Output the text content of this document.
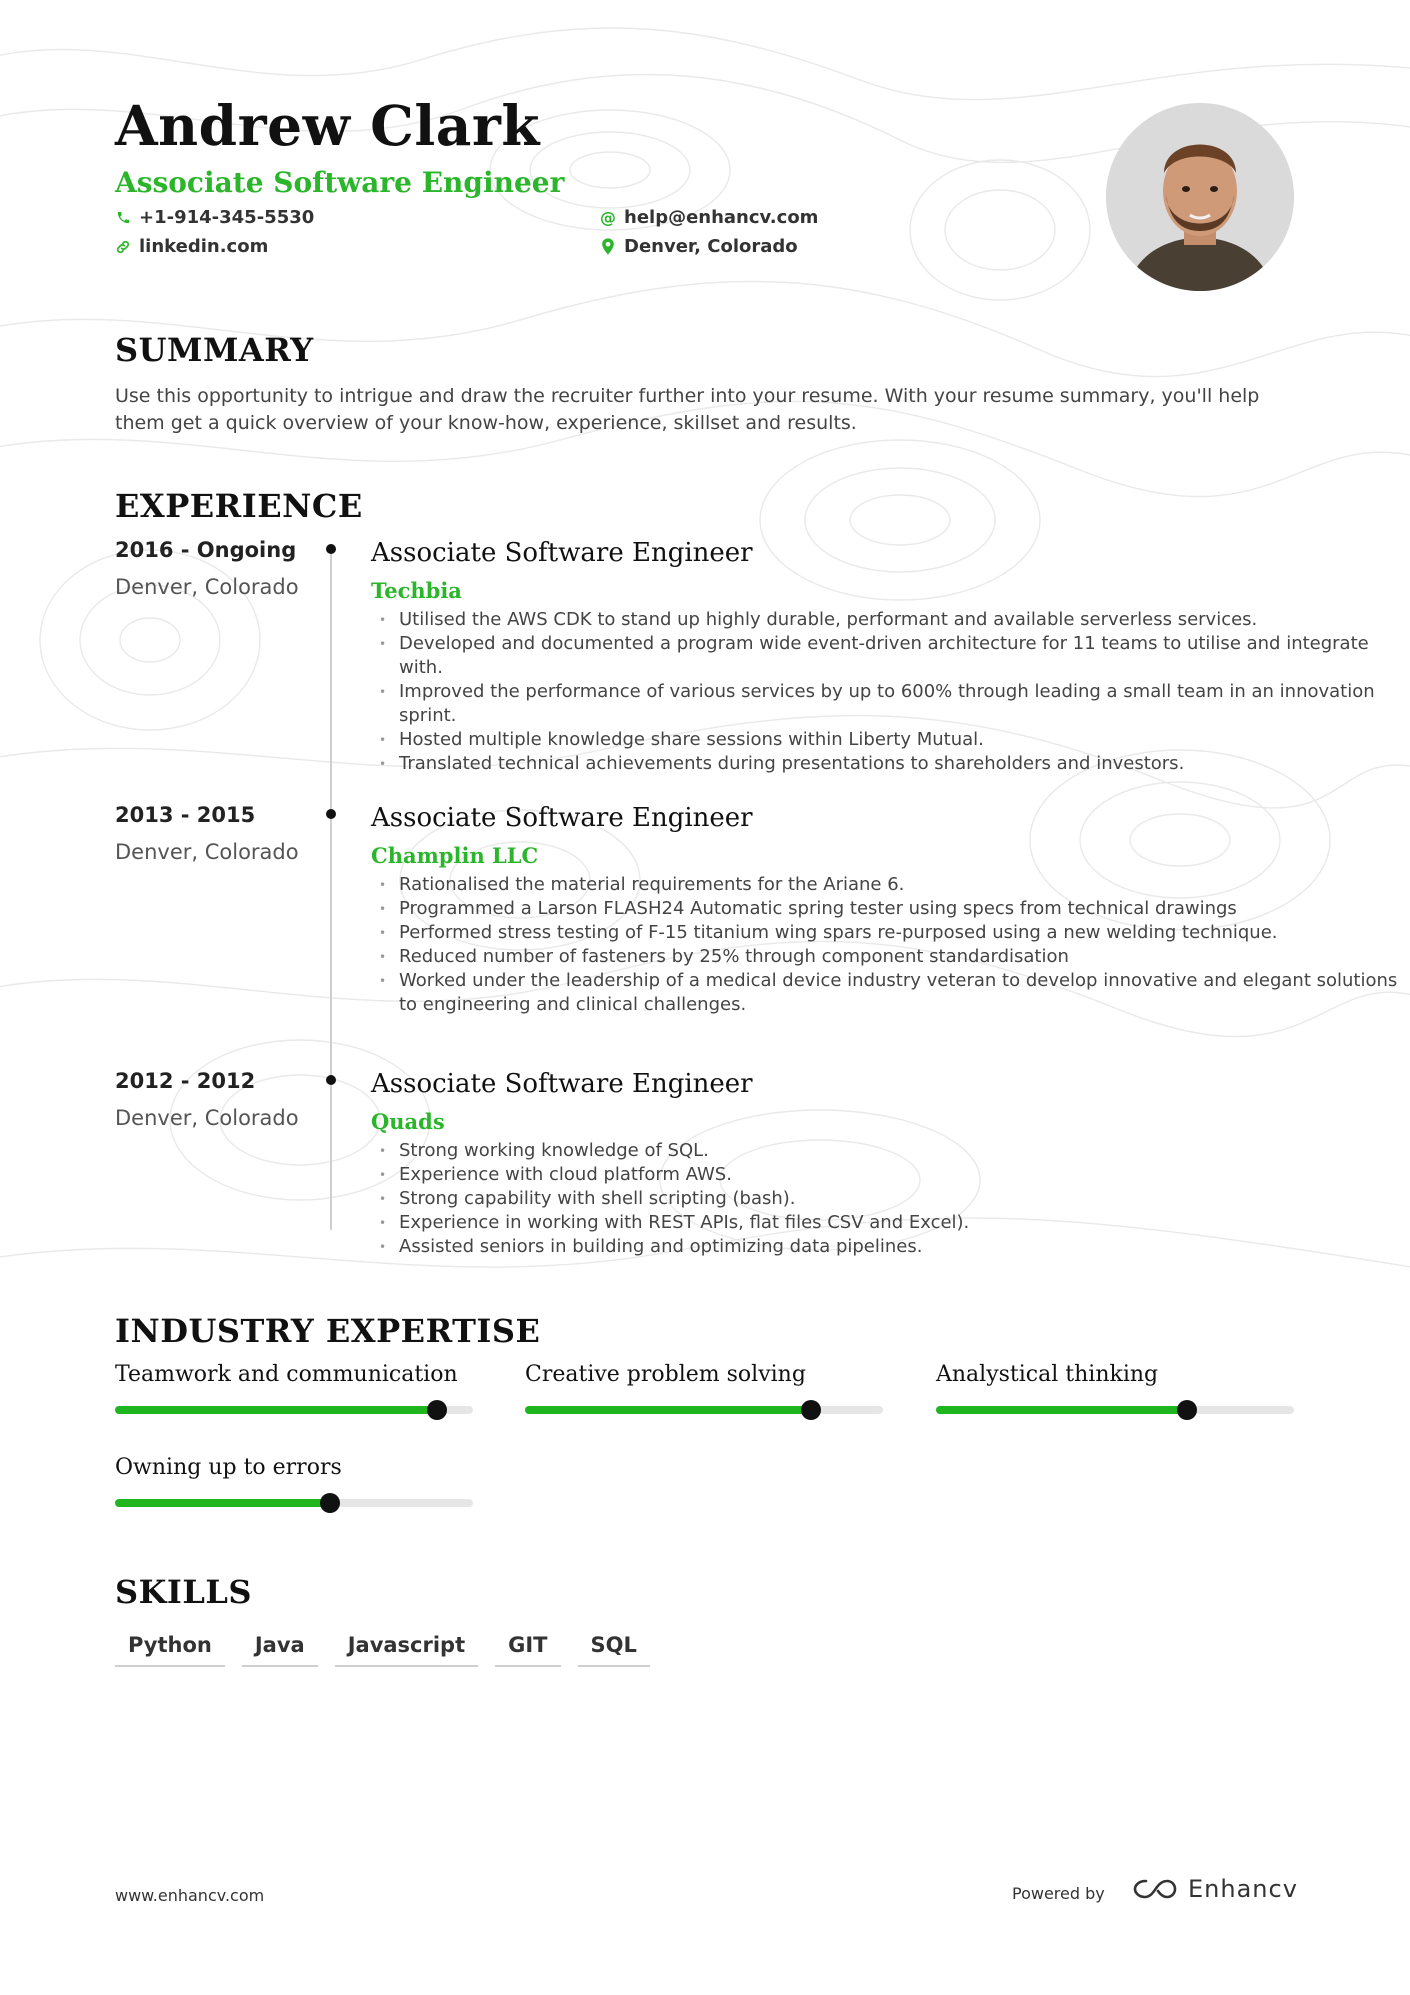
Andrew Clark
Associate Software Engineer
+1-914-345-5530
linkedin.com
@ help@enhancv.com
Denver, Colorado
SUMMARY
Use this opportunity to intrigue and draw the recruiter further into your resume. With your resume summary, you'll help them get a quick overview of your know-how, experience, skillset and results.
EXPERIENCE
2016 - Ongoing
Denver, Colorado
Associate Software Engineer
Techbia
• Utilised the AWS CDK to stand up highly durable, performant and available serverless services.
• Developed and documented a program wide event-driven architecture for 11 teams to utilise and integrate with.
• Improved the performance of various services by up to 600% through leading a small team in an innovation sprint.
• Hosted multiple knowledge share sessions within Liberty Mutual.
• Translated technical achievements during presentations to shareholders and investors.
2013 - 2015
Denver, Colorado
Associate Software Engineer
Champlin LLC
• Rationalised the material requirements for the Ariane 6.
• Programmed a Larson FLASH24 Automatic spring tester using specs from technical drawings
• Performed stress testing of F-15 titanium wing spars re-purposed using a new welding technique.
• Reduced number of fasteners by 25% through component standardisation
• Worked under the leadership of a medical device industry veteran to develop innovative and elegant solutions to engineering and clinical challenges.
2012 - 2012
Denver, Colorado
Associate Software Engineer
Quads
• Strong working knowledge of SQL.
• Experience with cloud platform AWS.
• Strong capability with shell scripting (bash).
• Experience in working with REST APIs, flat files CSV and Excel).
• Assisted seniors in building and optimizing data pipelines.
INDUSTRY EXPERTISE
Teamwork and communication	Creative problem solving	Analystical thinking
Owning up to errors
SKILLS
Python	Java	Javascript	GIT	SQL
www.enhancv.com	Powered by	Enhancv
